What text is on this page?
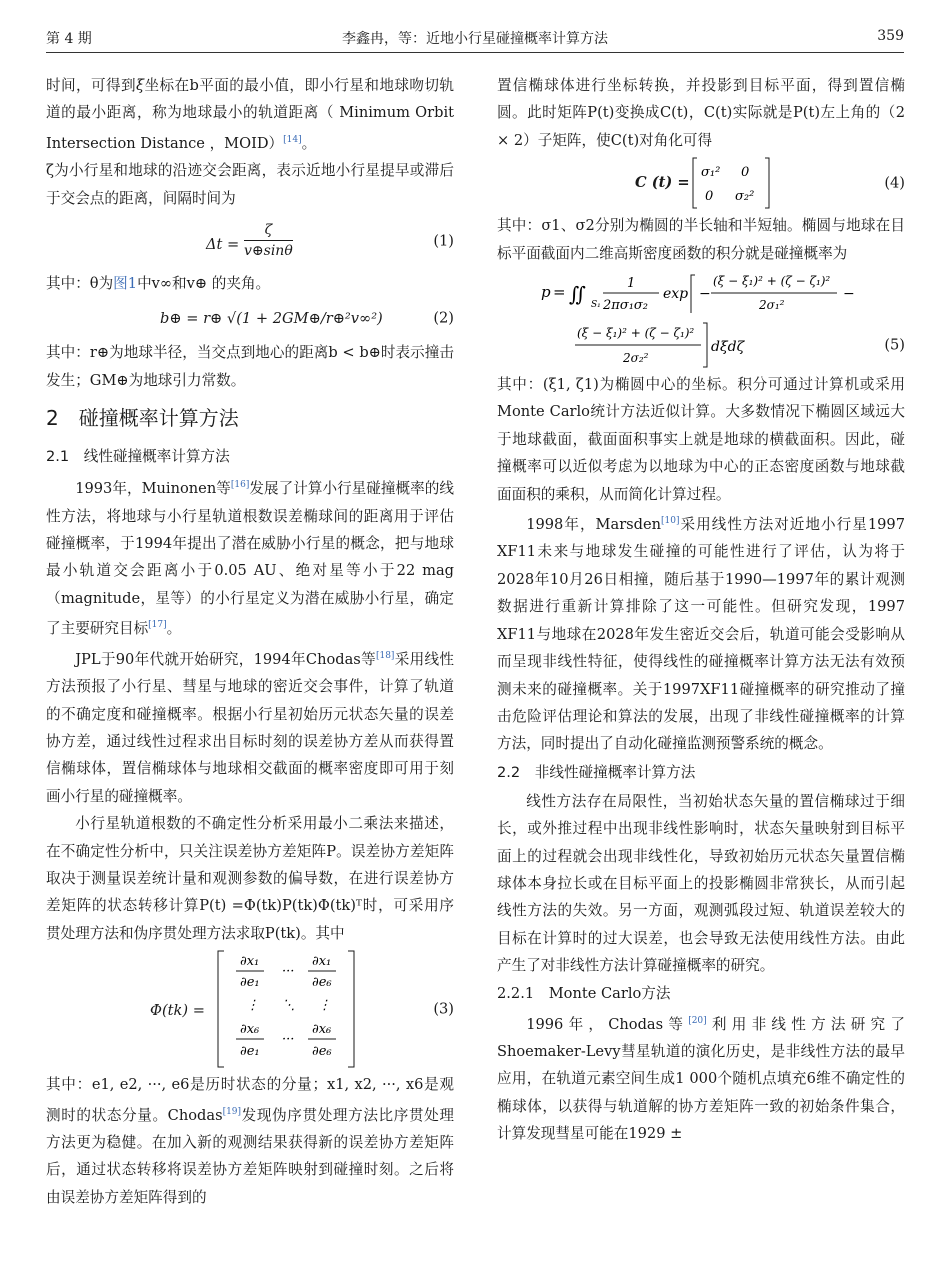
第 4 期	李鑫冉，等：近地小行星碰撞概率计算方法	359

时间，可得到ξ坐标在b平面的最小值，即小行星和地球吻切轨道的最小距离，称为地球最小的轨道距离（ Minimum Orbit Intersection Distance ，MOID）[14]。

ζ为小行星和地球的沿迹交会距离，表示近地小行星提早或滞后于交会点的距离，间隔时间为

$\Delta t = \frac{\zeta}{v\oplus\sin\theta}$	(1)

其中：θ为图1中v∞和v⊕ 的夹角。

b⊕ = r⊕ √(1 + 2GM⊕/r⊕²v∞²)	(2)

其中：r⊕为地球半径，当交点到地心的距离b < b⊕时表示撞击发生；GM⊕为地球引力常数。

2　碰撞概率计算方法
2.1　线性碰撞概率计算方法

1993年，Muinonen等[16]发展了计算小行星碰撞概率的线性方法，将地球与小行星轨道根数误差椭球间的距离用于评估碰撞概率，于1994年提出了潜在威胁小行星的概念，把与地球最小轨道交会距离小于0.05 AU、绝对星等小于22 mag（magnitude，星等）的小行星定义为潜在威胁小行星，确定了主要研究目标[17]。

JPL于90年代就开始研究，1994年Chodas等[18]采用线性方法预报了小行星、彗星与地球的密近交会事件，计算了轨道的不确定度和碰撞概率。根据小行星初始历元状态矢量的误差协方差，通过线性过程求出目标时刻的误差协方差从而获得置信椭球体，置信椭球体与地球相交截面的概率密度即可用于刻画小行星的碰撞概率。

小行星轨道根数的不确定性分析采用最小二乘法来描述，在不确定性分析中，只关注误差协方差矩阵P。误差协方差矩阵取决于测量误差统计量和观测参数的偏导数，在进行误差协方差矩阵的状态转移计算P(t) =Φ(tk)P(tk)Φ(tk)ᵀ时，可采用序贯处理方法和伪序贯处理方法求取P(tk)。其中

Φ(tk) =
∂x₁
∂e₁
···
∂x₁
∂e₆
⋮ ⋱ ⋮
∂x₆
∂e₁
···
∂x₆
∂e₆
(3)

其中：e1, e2, ···, e6是历时状态的分量；x1, x2, ···, x6是观测时的状态分量。Chodas[19]发现伪序贯处理方法比序贯处理方法更为稳健。在加入新的观测结果获得新的误差协方差矩阵后，通过状态转移将误差协方差矩阵映射到碰撞时刻。之后将由误差协方差矩阵得到的

置信椭球体进行坐标转换，并投影到目标平面，得到置信椭圆。此时矩阵P(t)变换成C(t)，C(t)实际就是P(t)左上角的（2 × 2）子矩阵，使C(t)对角化可得

C (t) =
σ₁² 0
0 σ₂²
(4)

其中：σ1、σ2分别为椭圆的半长轴和半短轴。椭圆与地球在目标平面截面内二维高斯密度函数的积分就是碰撞概率为

p = ∬ S₁
1
2πσ₁σ₂
exp −
(ξ − ξ₁)² + (ζ − ζ₁)²
2σ₁²
−
(ξ − ξ₁)² + (ζ − ζ₁)²
2σ₂²
dξdζ	(5)

其中：(ξ1, ζ1)为椭圆中心的坐标。积分可通过计算机或采用Monte Carlo统计方法近似计算。大多数情况下椭圆区域远大于地球截面，截面面积事实上就是地球的横截面积。因此，碰撞概率可以近似考虑为以地球为中心的正态密度函数与地球截面面积的乘积，从而简化计算过程。

1998年，Marsden[10]采用线性方法对近地小行星1997 XF11未来与地球发生碰撞的可能性进行了评估，认为将于2028年10月26日相撞，随后基于1990—1997年的累计观测数据进行重新计算排除了这一可能性。但研究发现，1997 XF11与地球在2028年发生密近交会后，轨道可能会受影响从而呈现非线性特征，使得线性的碰撞概率计算方法无法有效预测未来的碰撞概率。关于1997XF11碰撞概率的研究推动了撞击危险评估理论和算法的发展，出现了非线性碰撞概率的计算方法，同时提出了自动化碰撞监测预警系统的概念。

2.2　非线性碰撞概率计算方法

线性方法存在局限性，当初始状态矢量的置信椭球过于细长，或外推过程中出现非线性影响时，状态矢量映射到目标平面上的过程就会出现非线性化，导致初始历元状态矢量置信椭球体本身拉长或在目标平面上的投影椭圆非常狭长，从而引起线性方法的失效。另一方面，观测弧段过短、轨道误差较大的目标在计算时的过大误差，也会导致无法使用线性方法。由此产生了对非线性方法计算碰撞概率的研究。

2.2.1　Monte Carlo方法

1996年，Chodas等[20]利用非线性方法研究了Shoemaker-Levy彗星轨道的演化历史，是非线性方法的最早应用，在轨道元素空间生成1 000个随机点填充6维不确定性的椭球体，以获得与轨道解的协方差矩阵一致的初始条件集合，计算发现彗星可能在1929 ±
